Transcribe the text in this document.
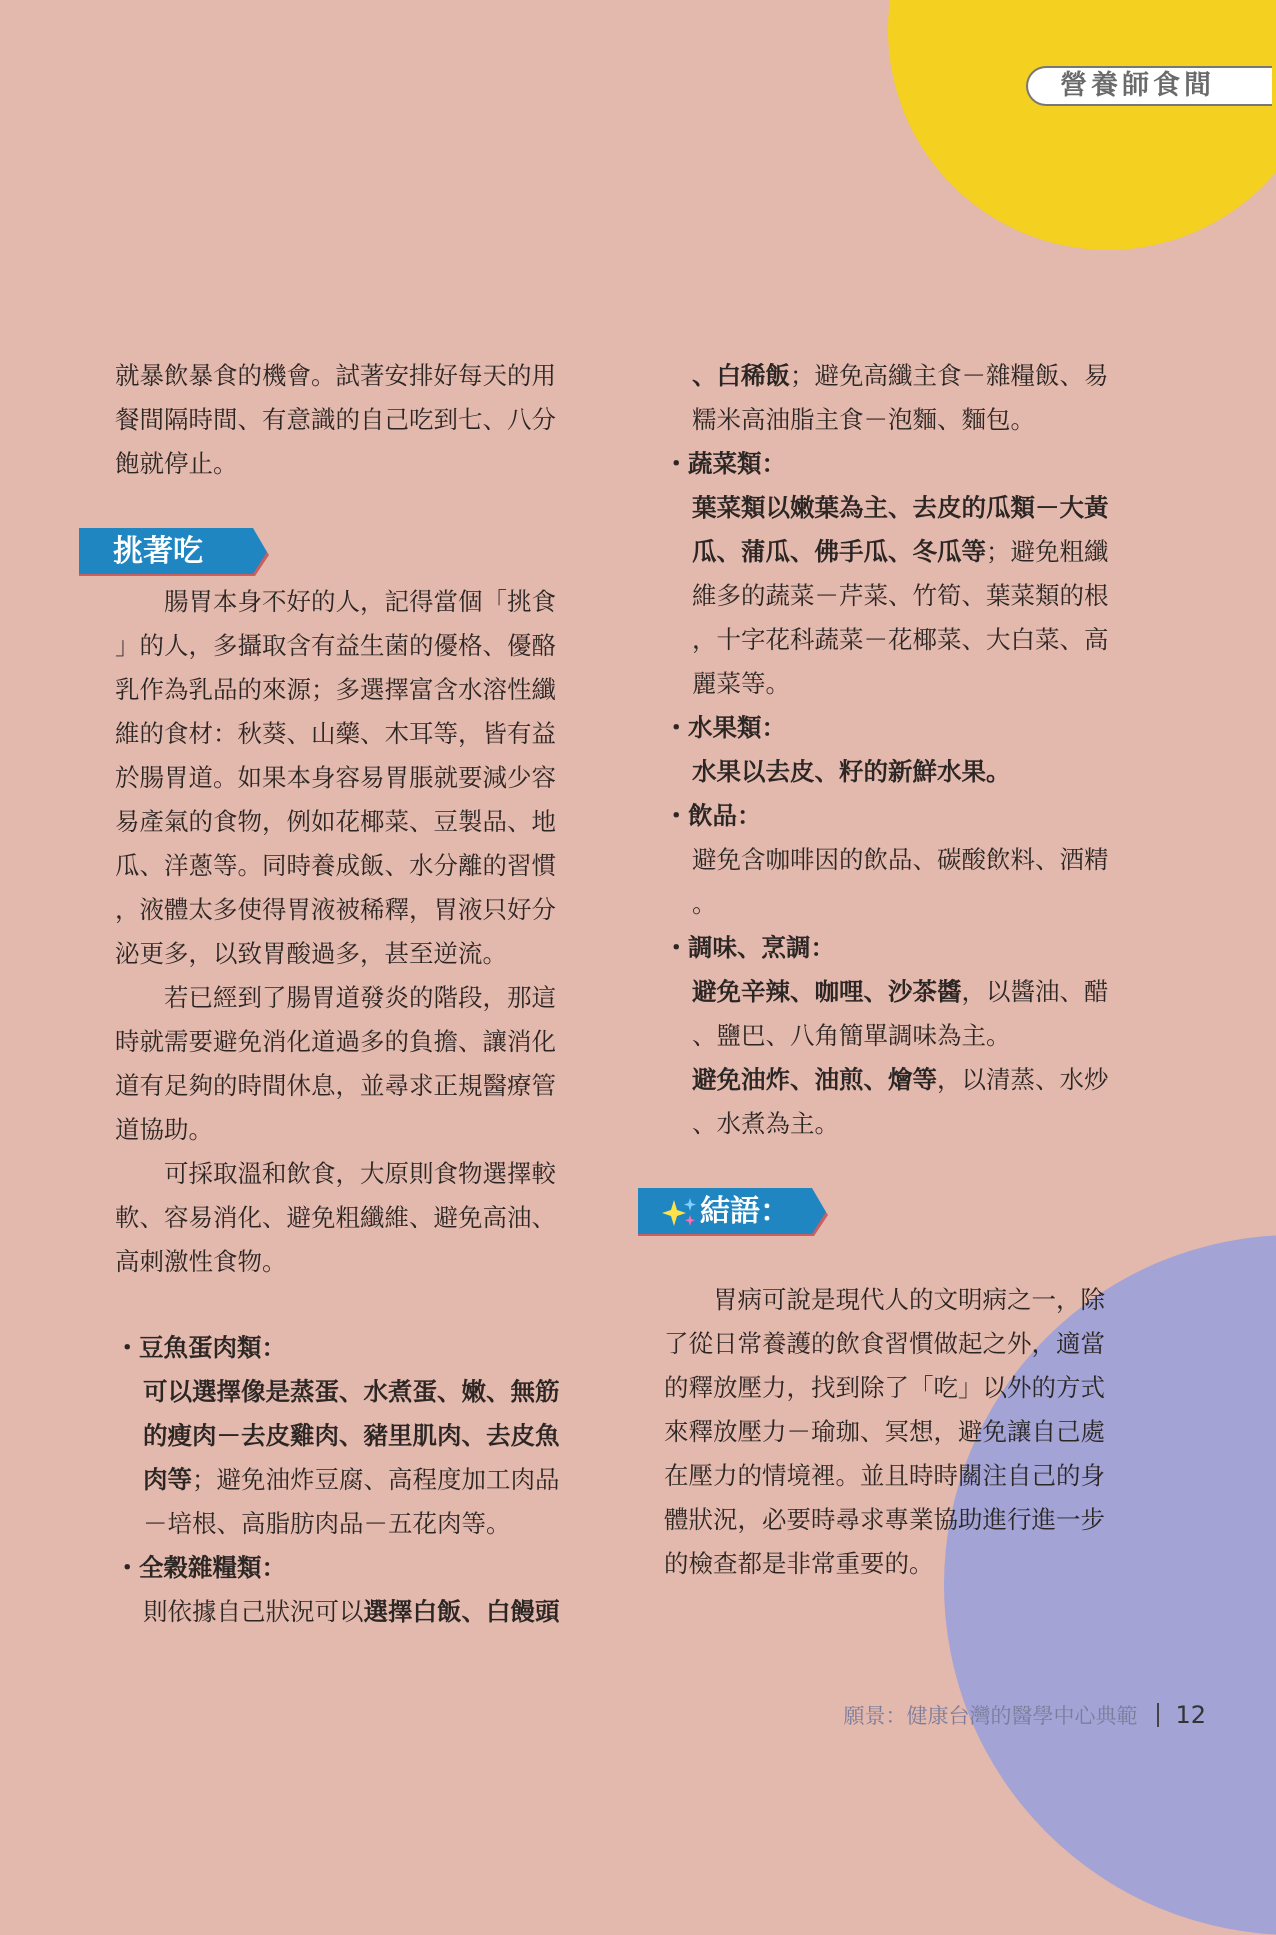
營養師食間

就暴飲暴食的機會。試著安排好每天的用
餐間隔時間、有意識的自己吃到七、八分
飽就停止。

挑著吃

腸胃本身不好的人，記得當個「挑食
」的人，多攝取含有益生菌的優格、優酪
乳作為乳品的來源；多選擇富含水溶性纖
維的食材：秋葵、山藥、木耳等，皆有益
於腸胃道。如果本身容易胃脹就要減少容
易產氣的食物，例如花椰菜、豆製品、地
瓜、洋蔥等。同時養成飯、水分離的習慣
，液體太多使得胃液被稀釋，胃液只好分
泌更多，以致胃酸過多，甚至逆流。

若已經到了腸胃道發炎的階段，那這
時就需要避免消化道過多的負擔、讓消化
道有足夠的時間休息，並尋求正規醫療管
道協助。

可採取溫和飲食，大原則食物選擇較
軟、容易消化、避免粗纖維、避免高油、
高刺激性食物。

・豆魚蛋肉類：
可以選擇像是蒸蛋、水煮蛋、嫩、無筋
的瘦肉－去皮雞肉、豬里肌肉、去皮魚
肉等；避免油炸豆腐、高程度加工肉品
－培根、高脂肪肉品－五花肉等。
・全穀雜糧類：
則依據自己狀況可以選擇白飯、白饅頭
、白稀飯；避免高纖主食－雜糧飯、易
糯米高油脂主食－泡麵、麵包。
・蔬菜類：
葉菜類以嫩葉為主、去皮的瓜類－大黃
瓜、蒲瓜、佛手瓜、冬瓜等；避免粗纖
維多的蔬菜－芹菜、竹筍、葉菜類的根
，十字花科蔬菜－花椰菜、大白菜、高
麗菜等。
・水果類：
水果以去皮、籽的新鮮水果。
・飲品：
避免含咖啡因的飲品、碳酸飲料、酒精
。
・調味、烹調：
避免辛辣、咖哩、沙茶醬，以醬油、醋
、鹽巴、八角簡單調味為主。
避免油炸、油煎、燴等，以清蒸、水炒
、水煮為主。
結語：

胃病可說是現代人的文明病之一，除
了從日常養護的飲食習慣做起之外，適當
的釋放壓力，找到除了「吃」以外的方式
來釋放壓力－瑜珈、冥想，避免讓自己處
在壓力的情境裡。並且時時關注自己的身
體狀況，必要時尋求專業協助進行進一步
的檢查都是非常重要的。

願景：健康台灣的醫學中心典範 12
